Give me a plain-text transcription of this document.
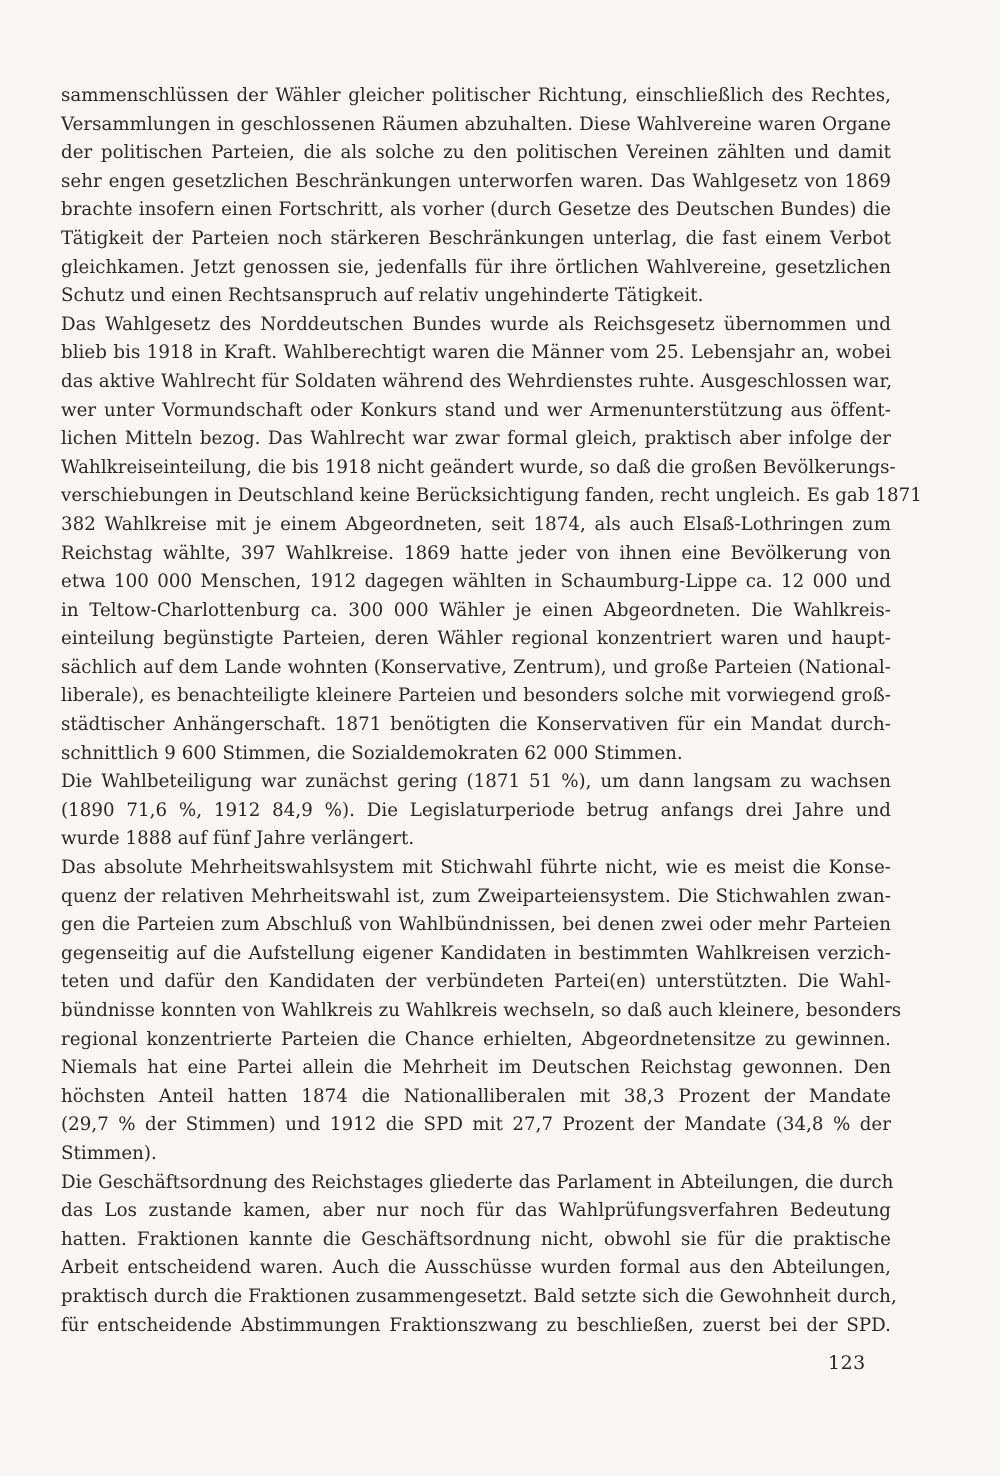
sammenschlüssen der Wähler gleicher politischer Richtung, einschließlich des Rechtes,
Versammlungen in geschlossenen Räumen abzuhalten. Diese Wahlvereine waren Organe
der politischen Parteien, die als solche zu den politischen Vereinen zählten und damit
sehr engen gesetzlichen Beschränkungen unterworfen waren. Das Wahlgesetz von 1869
brachte insofern einen Fortschritt, als vorher (durch Gesetze des Deutschen Bundes) die
Tätigkeit der Parteien noch stärkeren Beschränkungen unterlag, die fast einem Verbot
gleichkamen. Jetzt genossen sie, jedenfalls für ihre örtlichen Wahlvereine, gesetzlichen
Schutz und einen Rechtsanspruch auf relativ ungehinderte Tätigkeit.

Das Wahlgesetz des Norddeutschen Bundes wurde als Reichsgesetz übernommen und
blieb bis 1918 in Kraft. Wahlberechtigt waren die Männer vom 25. Lebensjahr an, wobei
das aktive Wahlrecht für Soldaten während des Wehrdienstes ruhte. Ausgeschlossen war,
wer unter Vormundschaft oder Konkurs stand und wer Armenunterstützung aus öffent-
lichen Mitteln bezog. Das Wahlrecht war zwar formal gleich, praktisch aber infolge der
Wahlkreiseinteilung, die bis 1918 nicht geändert wurde, so daß die großen Bevölkerungs-
verschiebungen in Deutschland keine Berücksichtigung fanden, recht ungleich. Es gab 1871
382 Wahlkreise mit je einem Abgeordneten, seit 1874, als auch Elsaß-Lothringen zum
Reichstag wählte, 397 Wahlkreise. 1869 hatte jeder von ihnen eine Bevölkerung von
etwa 100 000 Menschen, 1912 dagegen wählten in Schaumburg-Lippe ca. 12 000 und
in Teltow-Charlottenburg ca. 300 000 Wähler je einen Abgeordneten. Die Wahlkreis-
einteilung begünstigte Parteien, deren Wähler regional konzentriert waren und haupt-
sächlich auf dem Lande wohnten (Konservative, Zentrum), und große Parteien (National-
liberale), es benachteiligte kleinere Parteien und besonders solche mit vorwiegend groß-
städtischer Anhängerschaft. 1871 benötigten die Konservativen für ein Mandat durch-
schnittlich 9 600 Stimmen, die Sozialdemokraten 62 000 Stimmen.

Die Wahlbeteiligung war zunächst gering (1871 51 %), um dann langsam zu wachsen
(1890 71,6 %, 1912 84,9 %). Die Legislaturperiode betrug anfangs drei Jahre und
wurde 1888 auf fünf Jahre verlängert.

Das absolute Mehrheitswahlsystem mit Stichwahl führte nicht, wie es meist die Konse-
quenz der relativen Mehrheitswahl ist, zum Zweiparteiensystem. Die Stichwahlen zwan-
gen die Parteien zum Abschluß von Wahlbündnissen, bei denen zwei oder mehr Parteien
gegenseitig auf die Aufstellung eigener Kandidaten in bestimmten Wahlkreisen verzich-
teten und dafür den Kandidaten der verbündeten Partei(en) unterstützten. Die Wahl-
bündnisse konnten von Wahlkreis zu Wahlkreis wechseln, so daß auch kleinere, besonders
regional konzentrierte Parteien die Chance erhielten, Abgeordnetensitze zu gewinnen.
Niemals hat eine Partei allein die Mehrheit im Deutschen Reichstag gewonnen. Den
höchsten Anteil hatten 1874 die Nationalliberalen mit 38,3 Prozent der Mandate
(29,7 % der Stimmen) und 1912 die SPD mit 27,7 Prozent der Mandate (34,8 % der
Stimmen).

Die Geschäftsordnung des Reichstages gliederte das Parlament in Abteilungen, die durch
das Los zustande kamen, aber nur noch für das Wahlprüfungsverfahren Bedeutung
hatten. Fraktionen kannte die Geschäftsordnung nicht, obwohl sie für die praktische
Arbeit entscheidend waren. Auch die Ausschüsse wurden formal aus den Abteilungen,
praktisch durch die Fraktionen zusammengesetzt. Bald setzte sich die Gewohnheit durch,
für entscheidende Abstimmungen Fraktionszwang zu beschließen, zuerst bei der SPD.

123
